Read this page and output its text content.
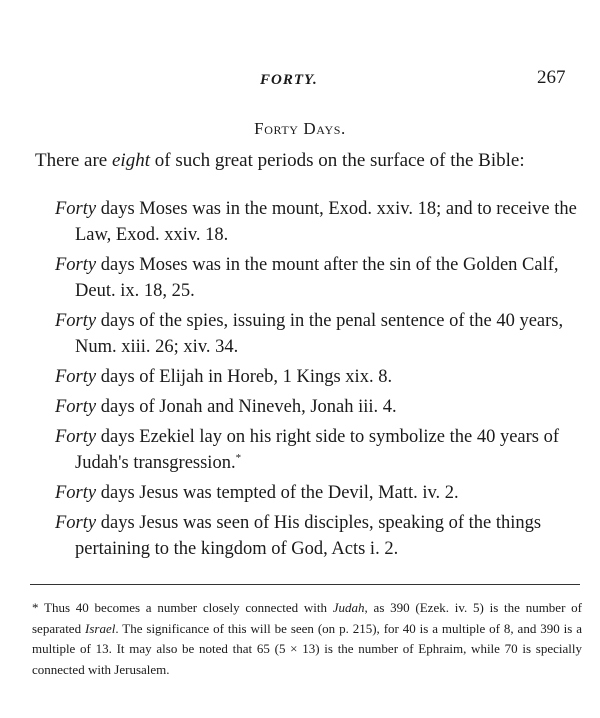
FORTY.	267
Forty Days.

There are eight of such great periods on the surface of the Bible:

Forty days Moses was in the mount, Exod. xxiv. 18; and to receive the Law, Exod. xxiv. 18.
Forty days Moses was in the mount after the sin of the Golden Calf, Deut. ix. 18, 25.
Forty days of the spies, issuing in the penal sentence of the 40 years, Num. xiii. 26; xiv. 34.
Forty days of Elijah in Horeb, 1 Kings xix. 8.
Forty days of Jonah and Nineveh, Jonah iii. 4.
Forty days Ezekiel lay on his right side to symbolize the 40 years of Judah's transgression.*
Forty days Jesus was tempted of the Devil, Matt. iv. 2.
Forty days Jesus was seen of His disciples, speaking of the things pertaining to the kingdom of God, Acts i. 2.

* Thus 40 becomes a number closely connected with Judah, as 390 (Ezek. iv. 5) is the number of separated Israel. The significance of this will be seen (on p. 215), for 40 is a multiple of 8, and 390 is a multiple of 13. It may also be noted that 65 (5 × 13) is the number of Ephraim, while 70 is specially connected with Jerusalem.
